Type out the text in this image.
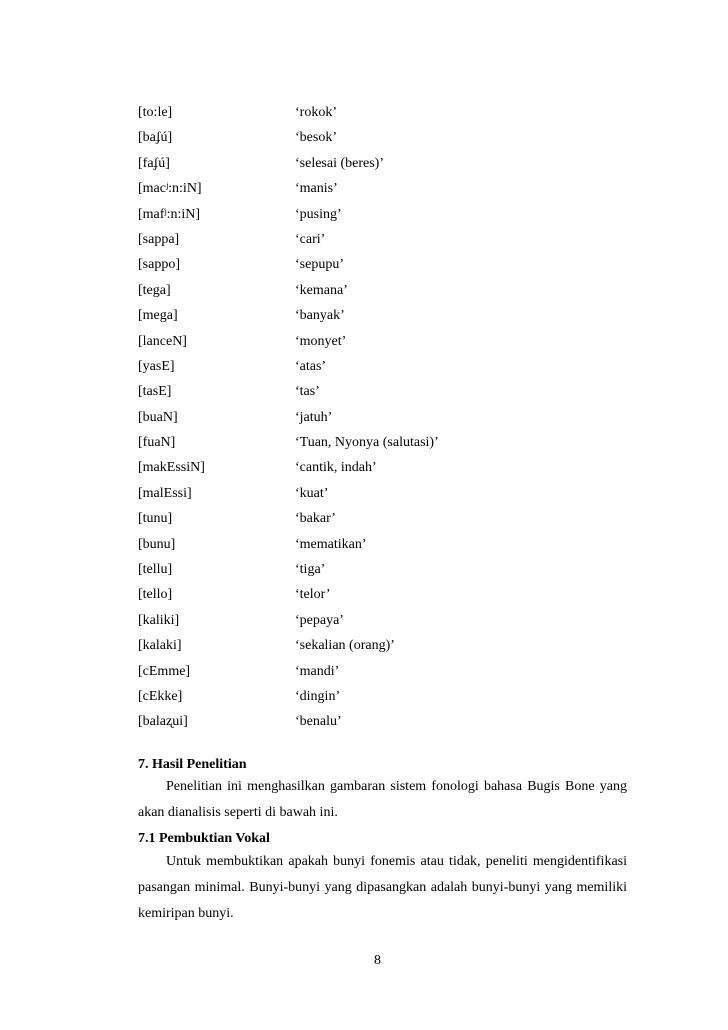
[to:le]	‘rokok’
[baʄú]	‘besok’
[faʄú]	‘selesai (beres)’
[macʲ:n:iN]	‘manis’
[mafʲ:n:iN]	‘pusing’
[sappa]	‘cari’
[sappo]	‘sepupu’
[tega]	‘kemana’
[mega]	‘banyak’
[lanceN]	‘monyet’
[yasE]	‘atas’
[tasE]	‘tas’
[buaN]	‘jatuh’
[fuaN]	‘Tuan, Nyonya (salutasi)’
[makEssiN]	‘cantik, indah’
[malEssi]	‘kuat’
[tunu]	‘bakar’
[bunu]	‘mematikan’
[tellu]	‘tiga’
[tello]	‘telor’
[kaliki]	‘pepaya’
[kalaki]	‘sekalian (orang)’
[cEmme]	‘mandi’
[cEkke]	‘dingin’
[balaʐui]	‘benalu’
7. Hasil Penelitian
Penelitian ini menghasilkan gambaran sistem fonologi bahasa Bugis Bone yang akan dianalisis seperti di bawah ini.
7.1 Pembuktian Vokal
Untuk membuktikan apakah bunyi fonemis atau tidak, peneliti mengidentifikasi pasangan minimal. Bunyi-bunyi yang dipasangkan adalah bunyi-bunyi yang memiliki kemiripan bunyi.
8
